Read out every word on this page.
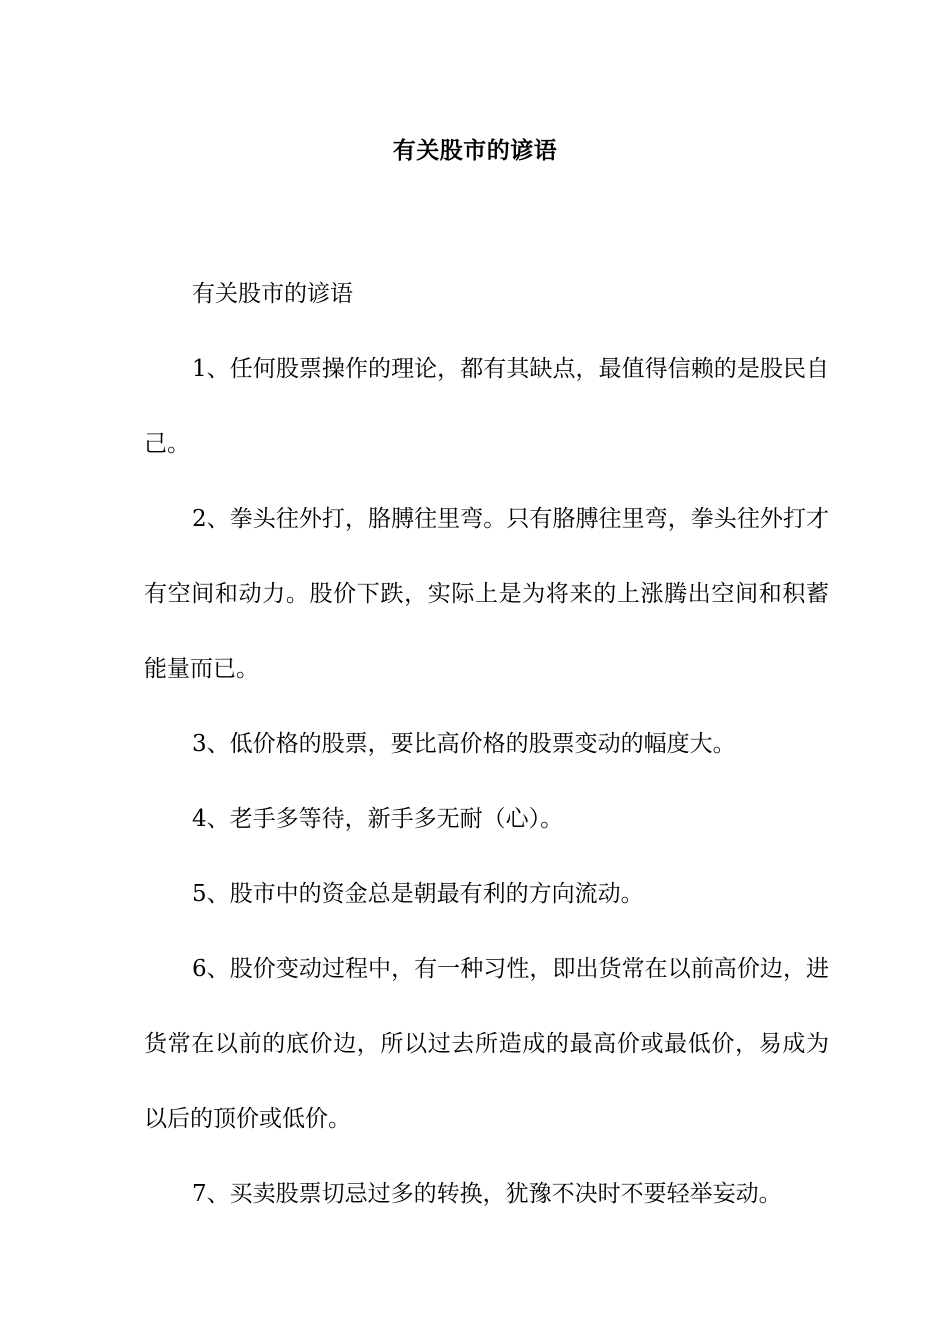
有关股市的谚语

有关股市的谚语

1、任何股票操作的理论，都有其缺点，最值得信赖的是股民自己。

2、拳头往外打，胳膊往里弯。只有胳膊往里弯，拳头往外打才有空间和动力。股价下跌，实际上是为将来的上涨腾出空间和积蓄能量而已。

3、低价格的股票，要比高价格的股票变动的幅度大。

4、老手多等待，新手多无耐（心）。

5、股市中的资金总是朝最有利的方向流动。

6、股价变动过程中，有一种习性，即出货常在以前高价边，进货常在以前的底价边，所以过去所造成的最高价或最低价，易成为以后的顶价或低价。

7、买卖股票切忌过多的转换，犹豫不决时不要轻举妄动。
